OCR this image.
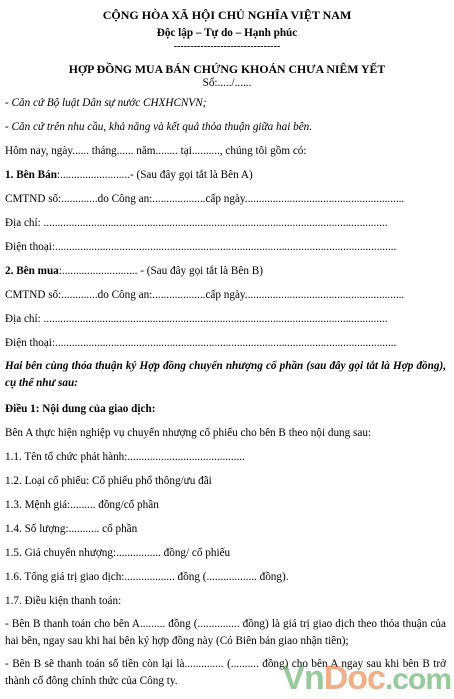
CỘNG HÒA XÃ HỘI CHỦ NGHĨA VIỆT NAM
Độc lập – Tự do – Hạnh phúc
--------------------------------
HỢP ĐỒNG MUA BÁN CHỨNG KHOÁN CHƯA NIÊM YẾT
Số:...../......
- Căn cứ Bộ luật Dân sự nước CHXHCNVN;
- Căn cứ trên nhu cầu, khả năng và kết quả thỏa thuận giữa hai bên.
Hôm nay, ngày...... tháng...... năm........ tại.........., chúng tôi gồm có:
1. Bên Bán:.........................- (Sau đây gọi tắt là Bên A)
CMTND số:.............do Công an:...................cấp ngày.........................................................
Địa chỉ: ...........................................................................................................................
Điện thoại:..........................................................................................................................
2. Bên mua:........................... - (Sau đây gọi tắt là Bên B)
CMTND số:.............do Công an:...................cấp ngày.........................................................
Địa chỉ: ...........................................................................................................................
Điện thoại:..........................................................................................................................
Hai bên cùng thỏa thuận ký Hợp đồng chuyển nhượng cổ phần (sau đây gọi tắt là Hợp đồng), cụ thể như sau:
Điều 1: Nội dung của giao dịch:
Bên A thực hiện nghiệp vụ chuyển nhượng cổ phiếu cho bên B theo nội dung sau:
1.1. Tên tổ chức phát hành:..........................................
1.2. Loại cổ phiếu: Cổ phiếu phổ thông/ưu đãi
1.3. Mệnh giá:......... đồng/cổ phần
1.4. Số lượng:........... cổ phần
1.5. Giá chuyển nhượng:................ đồng/ cổ phiếu
1.6. Tổng giá trị giao dịch:.................. đồng (.................. đồng).
1.7. Điều kiện thanh toán:
- Bên B thanh toán cho bên A......... đồng (............... đồng) là giá trị giao dịch theo thỏa thuận của hai bên, ngay sau khi hai bên ký hợp đồng này (Có Biên bản giao nhận tiền);
- Bên B sẽ thanh toán số tiền còn lại là.............. (.......... đồng) cho bên A ngay sau khi bên B trở thành cổ đông chính thức của Công ty.	VnDoc.com
